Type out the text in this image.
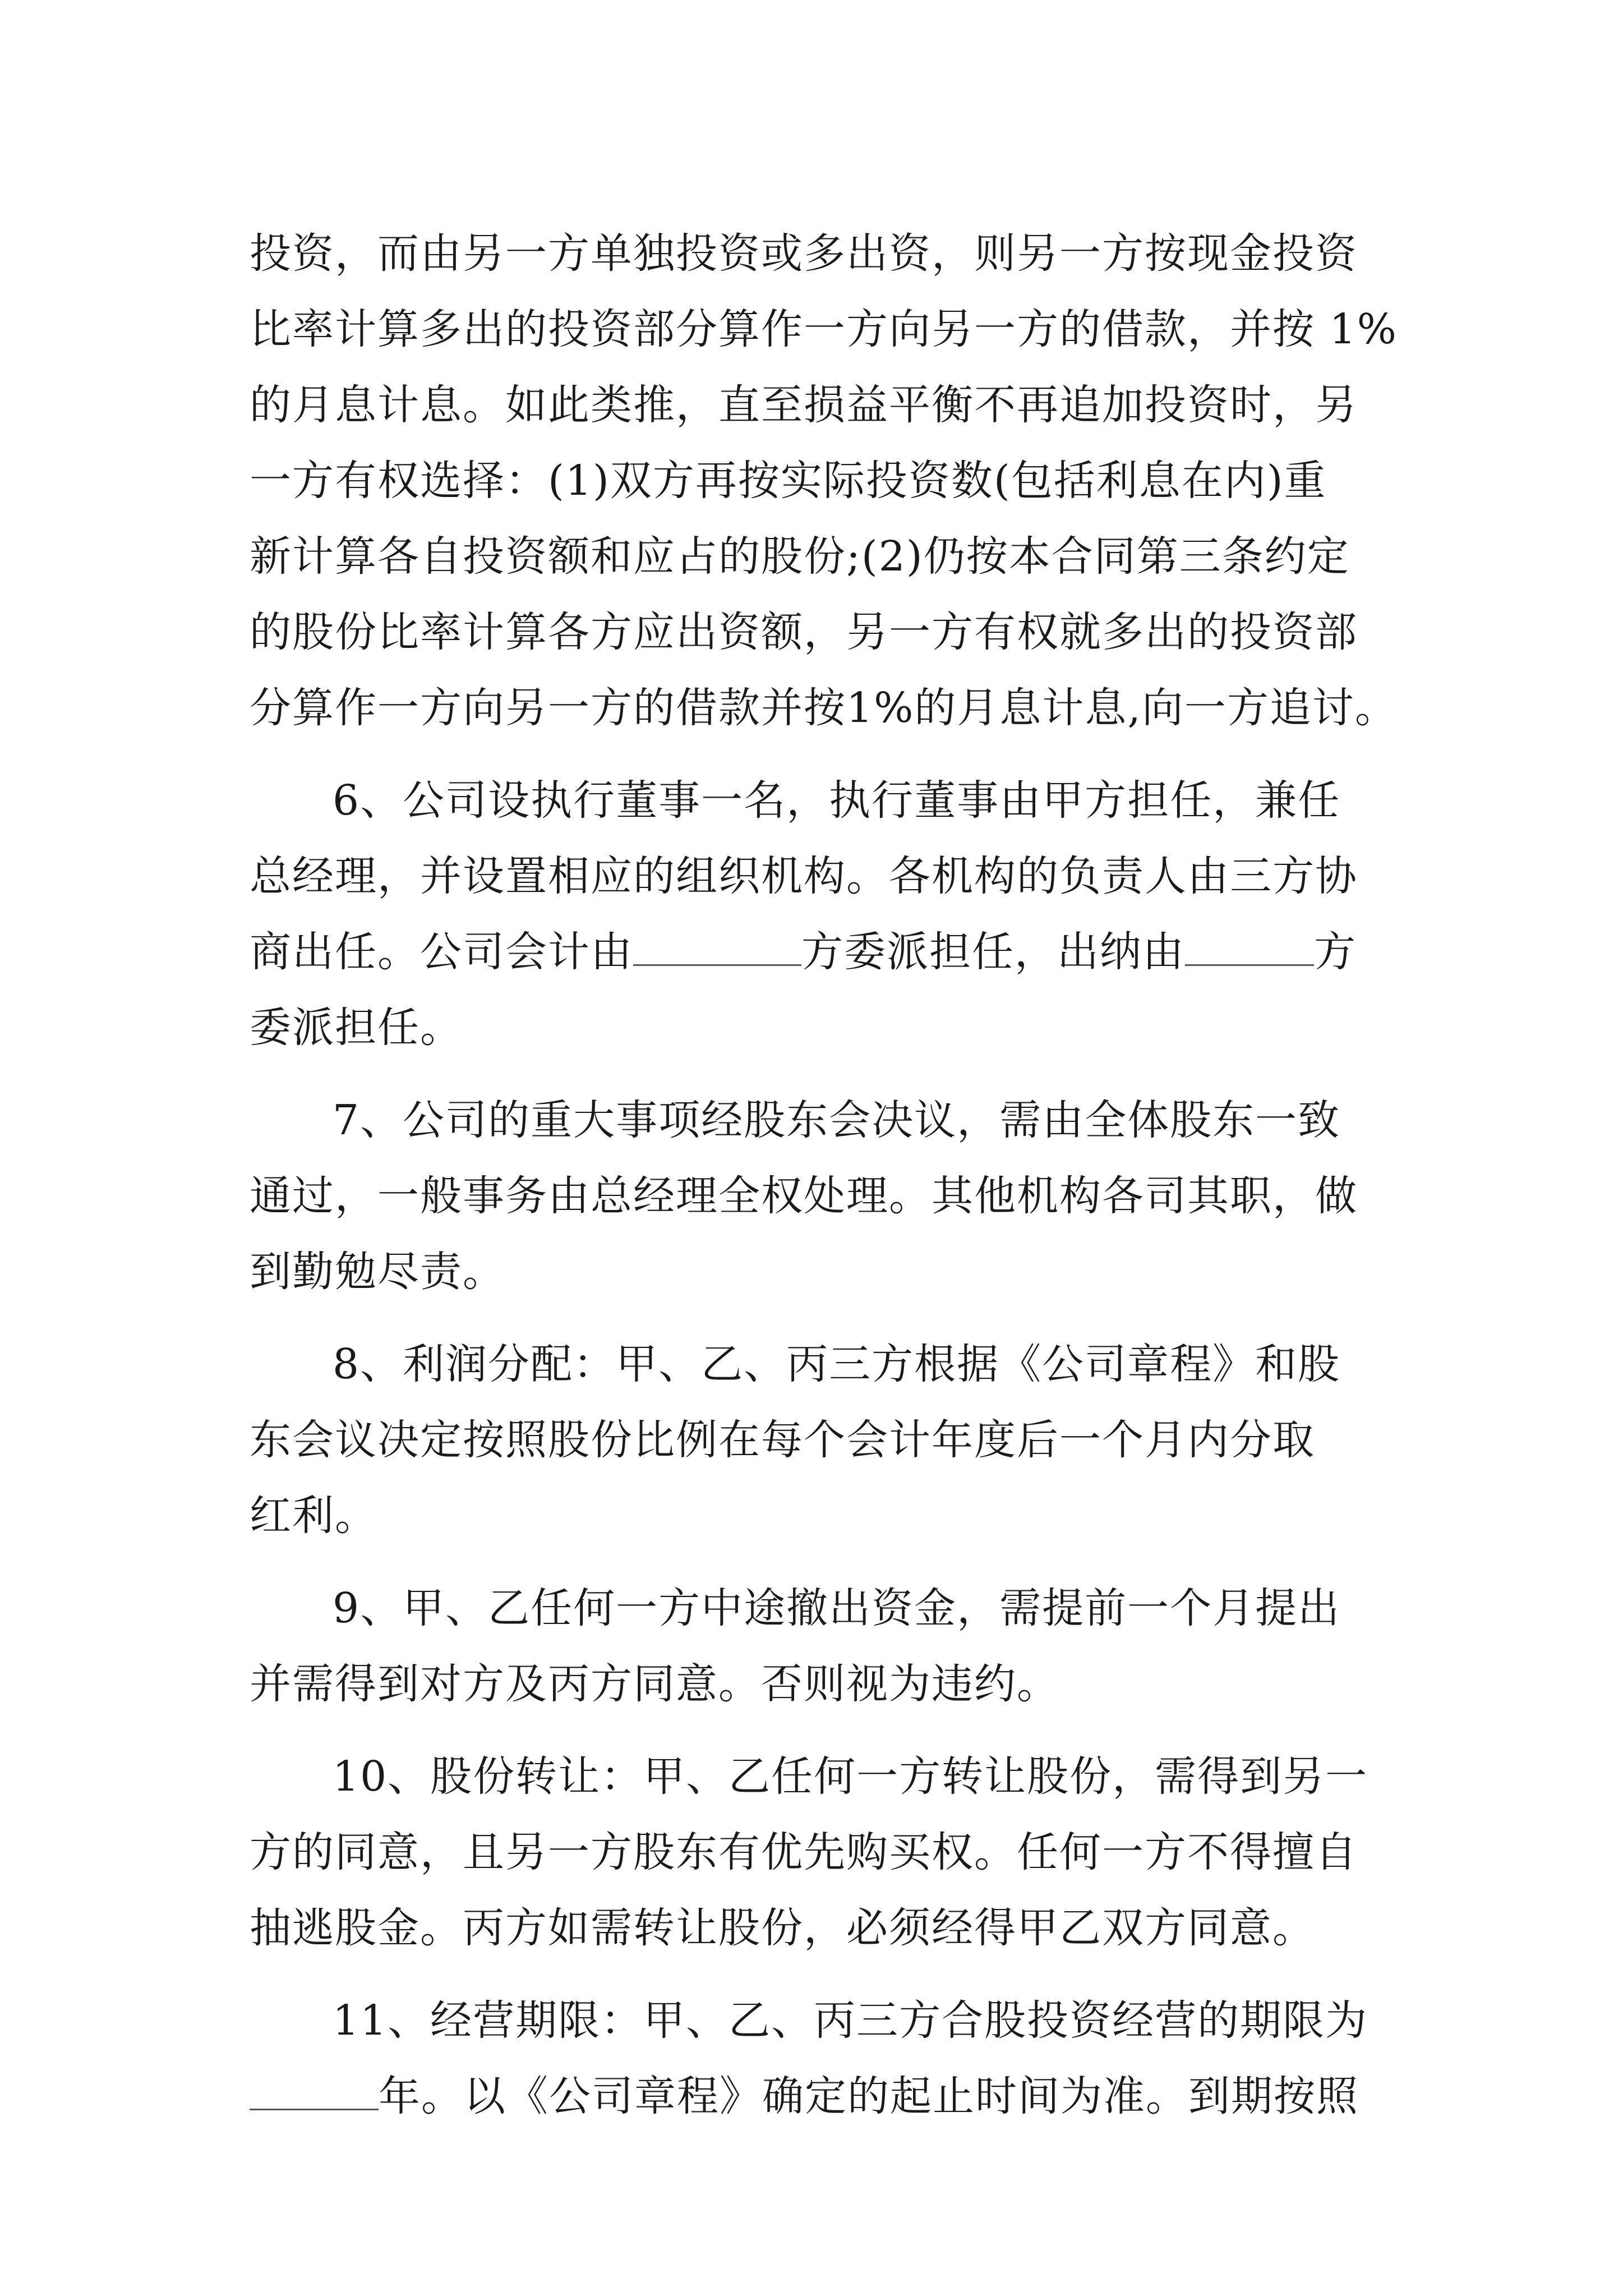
投资，而由另一方单独投资或多出资，则另一方按现金投资
比率计算多出的投资部分算作一方向另一方的借款，并按 1%
的月息计息。如此类推，直至损益平衡不再追加投资时，另
一方有权选择：(1)双方再按实际投资数(包括利息在内)重
新计算各自投资额和应占的股份;(2)仍按本合同第三条约定
的股份比率计算各方应出资额，另一方有权就多出的投资部
分算作一方向另一方的借款并按1%的月息计息,向一方追讨。
6、公司设执行董事一名，执行董事由甲方担任，兼任
总经理，并设置相应的组织机构。各机构的负责人由三方协
商出任。公司会计由	方委派担任，出纳由	方
委派担任。
7、公司的重大事项经股东会决议，需由全体股东一致
通过，一般事务由总经理全权处理。其他机构各司其职，做
到勤勉尽责。
8、利润分配：甲、乙、丙三方根据《公司章程》和股
东会议决定按照股份比例在每个会计年度后一个月内分取
红利。
9、甲、乙任何一方中途撤出资金，需提前一个月提出
并需得到对方及丙方同意。否则视为违约。
10、股份转让：甲、乙任何一方转让股份，需得到另一
方的同意，且另一方股东有优先购买权。任何一方不得擅自
抽逃股金。丙方如需转让股份，必须经得甲乙双方同意。
11、经营期限：甲、乙、丙三方合股投资经营的期限为
年。以《公司章程》确定的起止时间为准。到期按照
